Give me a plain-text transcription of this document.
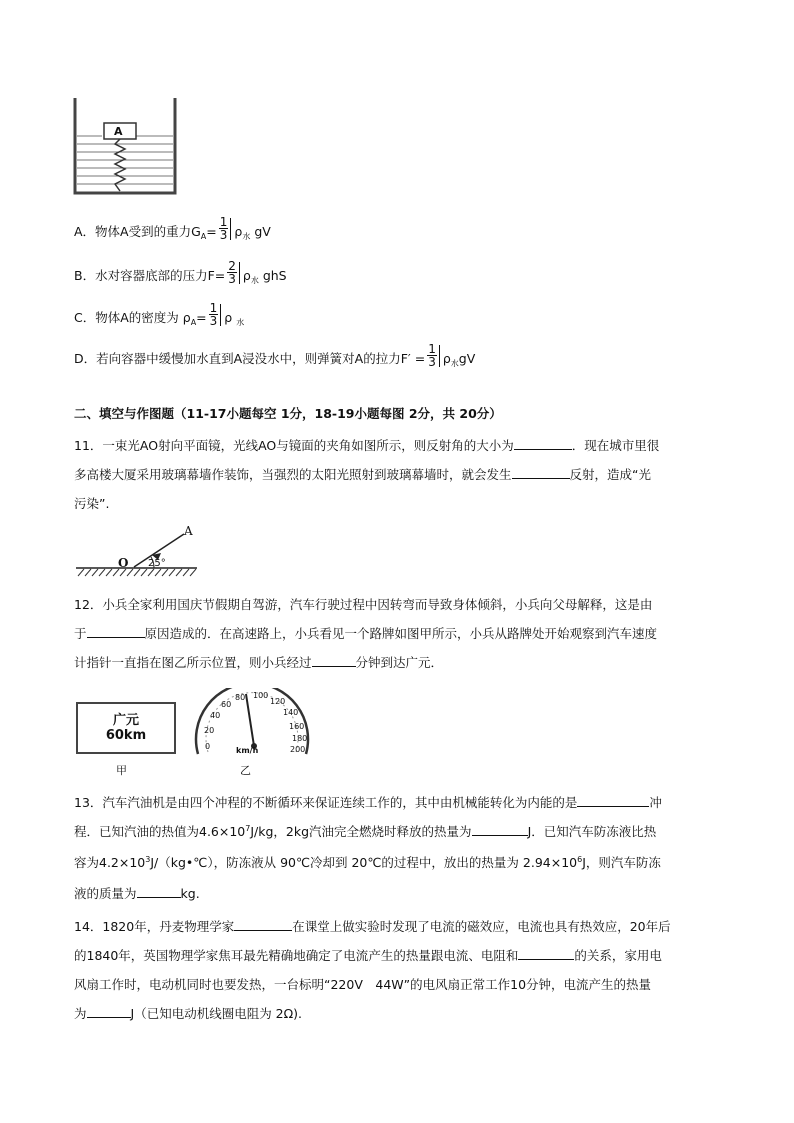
A
A．物体A受到的重力$G_A= \frac{1}{3} \rho_水$ gV
B．水对容器底部的压力$F= \frac{2}{3} \rho_水$ ghS
C．物体A的密度为 $\rho_A= \frac{1}{3}$ ρ $_水$
D．若向容器中缓慢加水直到A浸没水中，则弹簧对A的拉力$F' = \frac{1}{3} \rho_水gV$
二、填空与作图题（11-17小题每空 1分，18-19小题每图 2分，共 20分）
11．一束光AO射向平面镜，光线AO与镜面的夹角如图所示，则反射角的大小为	．现在城市里很
多高楼大厦采用玻璃幕墙作装饰，当强烈的太阳光照射到玻璃幕墙时，就会发生	反射，造成“光
污染”.
A
O 25°
12．小兵全家利用国庆节假期自驾游，汽车行驶过程中因转弯而导致身体倾斜，小兵向父母解释，这是由
于	原因造成的．在高速路上，小兵看见一个路牌如图甲所示，小兵从路牌处开始观察到汽车速度
计指针一直指在图乙所示位置，则小兵经过	分钟到达广元．
广元
60km
甲
0
20
40
60
80 100
120
140
160
180
200
km/h
乙
13．汽车汽油机是由四个冲程的不断循环来保证连续工作的，其中由机械能转化为内能的是	冲
程．已知汽油的热值为$4.6\times 10^7J/kg$，2kg汽油完全燃烧时释放的热量为	J．已知汽车防冻液比热
容为$4.2\times 10^3J/(kg•℃)$，防冻液从 90℃冷却到 20℃的过程中，放出的热量为 $2.94\times 10^6J$，则汽车防冻
液的质量为	kg.
14．1820年，丹麦物理学家	在课堂上做实验时发现了电流的磁效应，电流也具有热效应，20年后
的1840年，英国物理学家焦耳最先精确地确定了电流产生的热量跟电流、电阻和	的关系，家用电
风扇工作时，电动机同时也要发热，一台标明“220V　44W”的电风扇正常工作10分钟，电流产生的热量
为	J（已知电动机线圈电阻为 2Ω).
